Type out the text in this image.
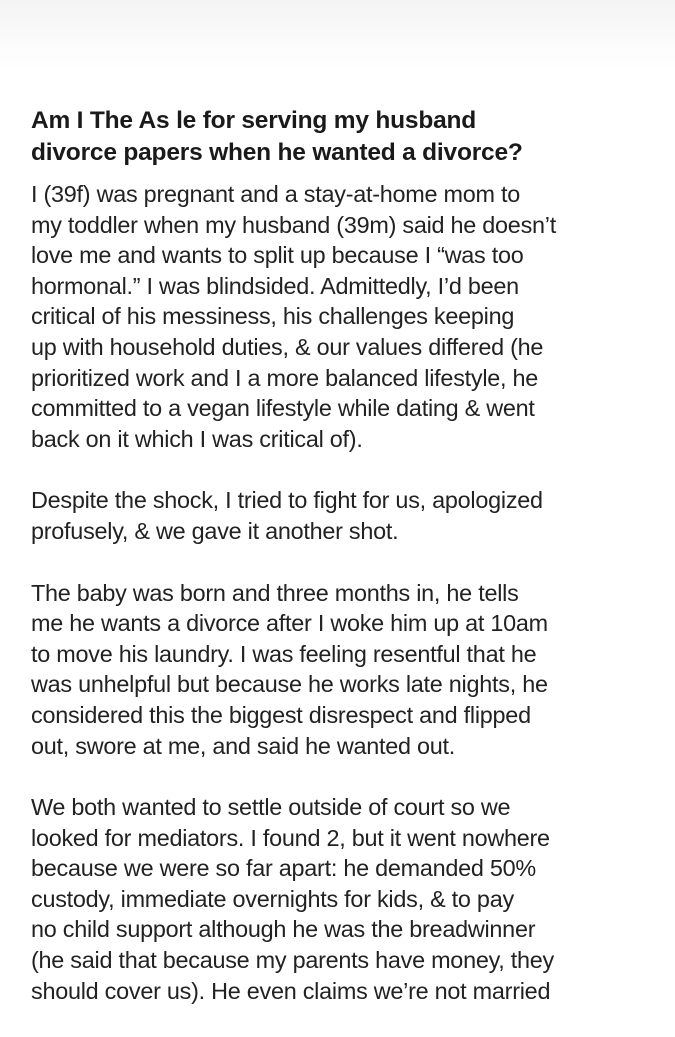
Am I The As le for serving my husband
divorce papers when he wanted a divorce?

I (39f) was pregnant and a stay-at-home mom to
my toddler when my husband (39m) said he doesn’t
love me and wants to split up because I “was too
hormonal.” I was blindsided. Admittedly, I’d been
critical of his messiness, his challenges keeping
up with household duties, & our values differed (he
prioritized work and I a more balanced lifestyle, he
committed to a vegan lifestyle while dating & went
back on it which I was critical of).

Despite the shock, I tried to fight for us, apologized
profusely, & we gave it another shot.

The baby was born and three months in, he tells
me he wants a divorce after I woke him up at 10am
to move his laundry. I was feeling resentful that he
was unhelpful but because he works late nights, he
considered this the biggest disrespect and flipped
out, swore at me, and said he wanted out.

We both wanted to settle outside of court so we
looked for mediators. I found 2, but it went nowhere
because we were so far apart: he demanded 50%
custody, immediate overnights for kids, & to pay
no child support although he was the breadwinner
(he said that because my parents have money, they
should cover us). He even claims we’re not married
